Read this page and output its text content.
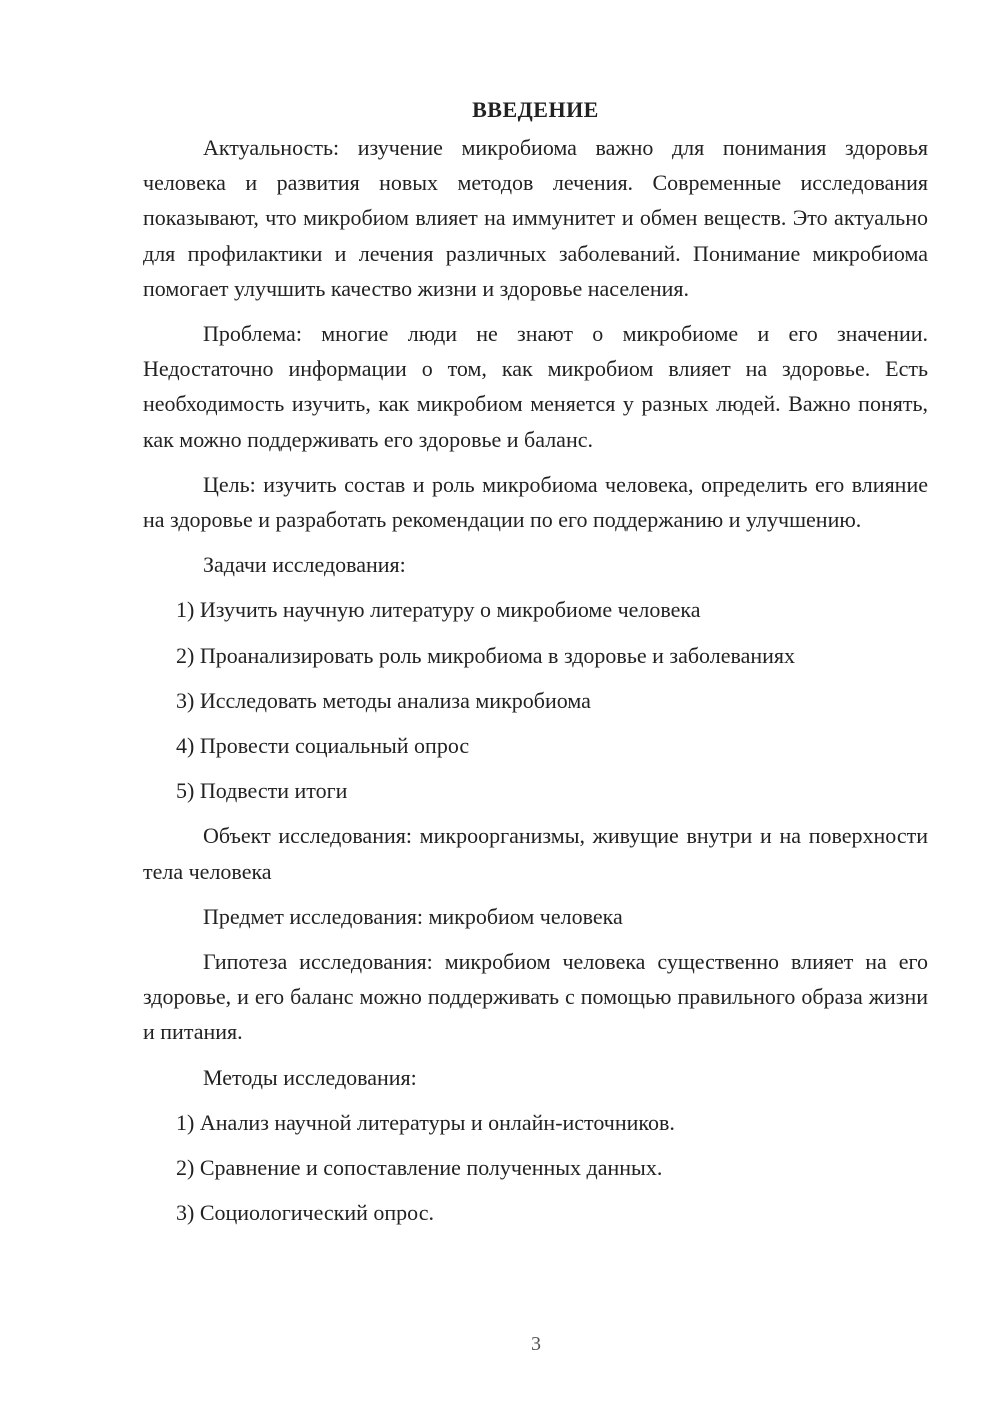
ВВЕДЕНИЕ

Актуальность: изучение микробиома важно для понимания здоровья человека и развития новых методов лечения. Современные исследования показывают, что микробиом влияет на иммунитет и обмен веществ. Это актуально для профилактики и лечения различных заболеваний. Понимание микробиома помогает улучшить качество жизни и здоровье населения.

Проблема: многие люди не знают о микробиоме и его значении. Недостаточно информации о том, как микробиом влияет на здоровье. Есть необходимость изучить, как микробиом меняется у разных людей. Важно понять, как можно поддерживать его здоровье и баланс.

Цель: изучить состав и роль микробиома человека, определить его влияние на здоровье и разработать рекомендации по его поддержанию и улучшению.

Задачи исследования:

1) Изучить научную литературу о микробиоме человека
2) Проанализировать роль микробиома в здоровье и заболеваниях
3) Исследовать методы анализа микробиома
4) Провести социальный опрос
5) Подвести итоги

Объект исследования: микроорганизмы, живущие внутри и на поверхности тела человека

Предмет исследования: микробиом человека

Гипотеза исследования: микробиом человека существенно влияет на его здоровье, и его баланс можно поддерживать с помощью правильного образа жизни и питания.

Методы исследования:

1) Анализ научной литературы и онлайн-источников.
2) Сравнение и сопоставление полученных данных.
3) Социологический опрос.
3
